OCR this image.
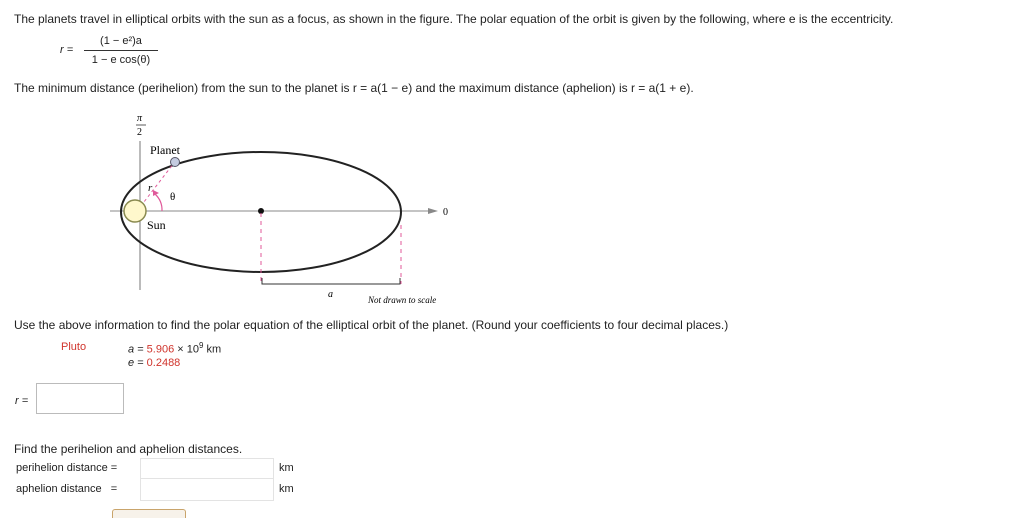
The planets travel in elliptical orbits with the sun as a focus, as shown in the figure. The polar equation of the orbit is given by the following, where e is the eccentricity.
$r = \frac{\text{(1 − e²)a}}{\text{1 − e cos(θ)}}$
The minimum distance (perihelion) from the sun to the planet is r = a(1 − e) and the maximum distance (aphelion) is r = a(1 + e).
π
2
Planet
r
θ
Sun
0
a	Not drawn to scale
Use the above information to find the polar equation of the elliptical orbit of the planet. (Round your coefficients to four decimal places.)
Pluto	$a = 5.906 \times 10^9$ km
e = 0.2488
r =
Find the perihelion and aphelion distances.
perihelion distance =	km
aphelion distance   =	km
